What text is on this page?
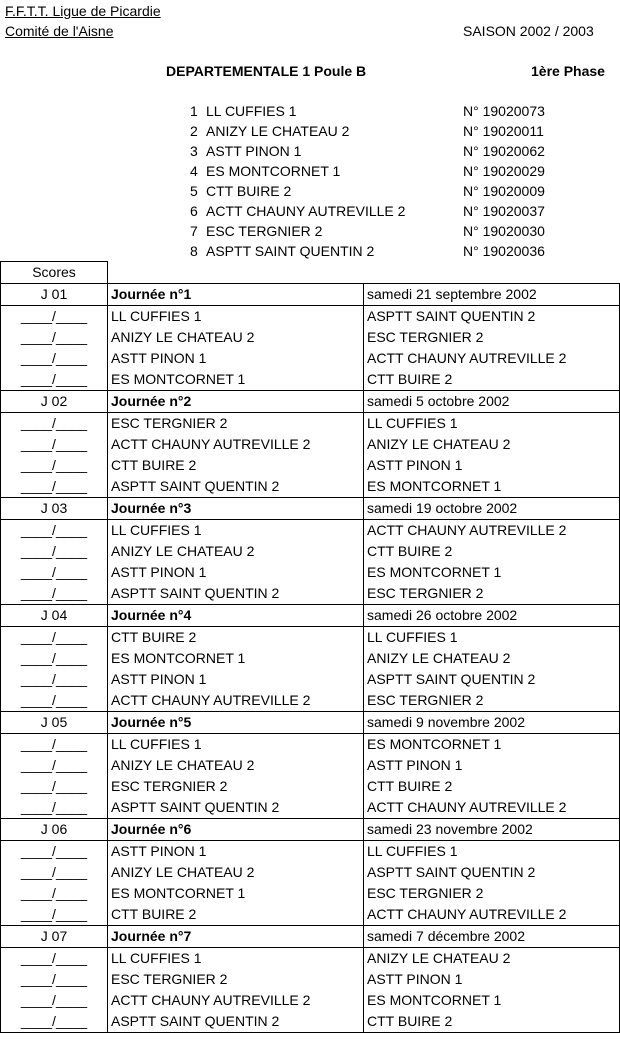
F.F.T.T. Ligue de Picardie
Comité de l'Aisne	SAISON 2002 / 2003
DEPARTEMENTALE 1 Poule B	1ère Phase
1 LL CUFFIES 1	N° 19020073
2 ANIZY LE CHATEAU 2	N° 19020011
3 ASTT PINON 1	N° 19020062
4 ES MONTCORNET 1	N° 19020029
5 CTT BUIRE 2	N° 19020009
6 ACTT CHAUNY AUTREVILLE 2	N° 19020037
7 ESC TERGNIER 2	N° 19020030
8 ASPTT SAINT QUENTIN 2	N° 19020036
Scores		
J 01	Journée n°1	samedi 21 septembre 2002
____/____	LL CUFFIES 1	ASPTT SAINT QUENTIN 2
____/____	ANIZY LE CHATEAU 2	ESC TERGNIER 2
____/____	ASTT PINON 1	ACTT CHAUNY AUTREVILLE 2
____/____	ES MONTCORNET 1	CTT BUIRE 2
J 02	Journée n°2	samedi 5 octobre 2002
____/____	ESC TERGNIER 2	LL CUFFIES 1
____/____	ACTT CHAUNY AUTREVILLE 2	ANIZY LE CHATEAU 2
____/____	CTT BUIRE 2	ASTT PINON 1
____/____	ASPTT SAINT QUENTIN 2	ES MONTCORNET 1
J 03	Journée n°3	samedi 19 octobre 2002
____/____	LL CUFFIES 1	ACTT CHAUNY AUTREVILLE 2
____/____	ANIZY LE CHATEAU 2	CTT BUIRE 2
____/____	ASTT PINON 1	ES MONTCORNET 1
____/____	ASPTT SAINT QUENTIN 2	ESC TERGNIER 2
J 04	Journée n°4	samedi 26 octobre 2002
____/____	CTT BUIRE 2	LL CUFFIES 1
____/____	ES MONTCORNET 1	ANIZY LE CHATEAU 2
____/____	ASTT PINON 1	ASPTT SAINT QUENTIN 2
____/____	ACTT CHAUNY AUTREVILLE 2	ESC TERGNIER 2
J 05	Journée n°5	samedi 9 novembre 2002
____/____	LL CUFFIES 1	ES MONTCORNET 1
____/____	ANIZY LE CHATEAU 2	ASTT PINON 1
____/____	ESC TERGNIER 2	CTT BUIRE 2
____/____	ASPTT SAINT QUENTIN 2	ACTT CHAUNY AUTREVILLE 2
J 06	Journée n°6	samedi 23 novembre 2002
____/____	ASTT PINON 1	LL CUFFIES 1
____/____	ANIZY LE CHATEAU 2	ASPTT SAINT QUENTIN 2
____/____	ES MONTCORNET 1	ESC TERGNIER 2
____/____	CTT BUIRE 2	ACTT CHAUNY AUTREVILLE 2
J 07	Journée n°7	samedi 7 décembre 2002
____/____	LL CUFFIES 1	ANIZY LE CHATEAU 2
____/____	ESC TERGNIER 2	ASTT PINON 1
____/____	ACTT CHAUNY AUTREVILLE 2	ES MONTCORNET 1
____/____	ASPTT SAINT QUENTIN 2	CTT BUIRE 2
